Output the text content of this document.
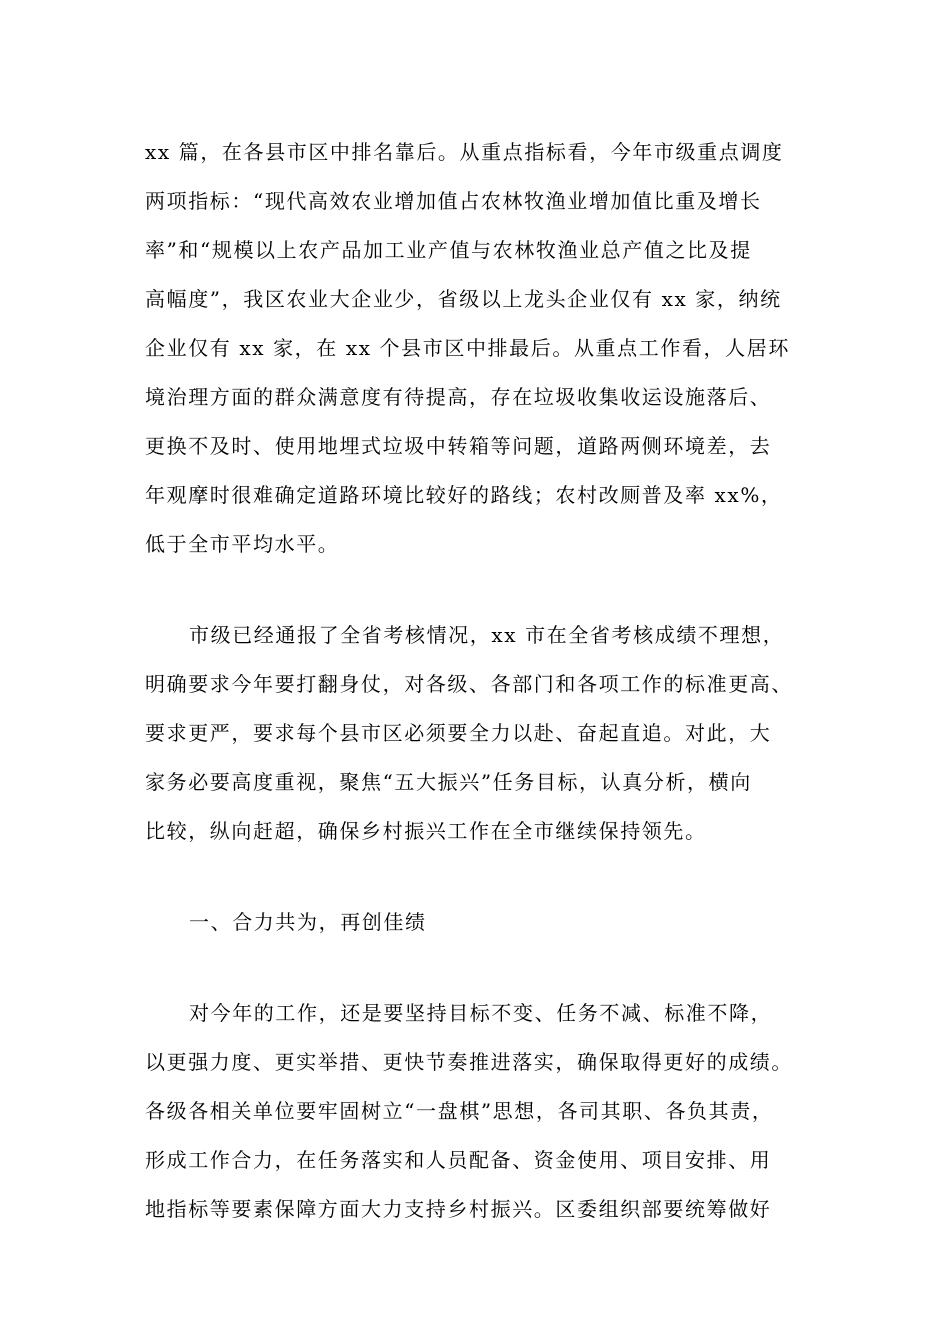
xx 篇，在各县市区中排名靠后。从重点指标看，今年市级重点调度
两项指标：“现代高效农业增加值占农林牧渔业增加值比重及增长
率”和“规模以上农产品加工业产值与农林牧渔业总产值之比及提
高幅度”，我区农业大企业少，省级以上龙头企业仅有 xx 家，纳统
企业仅有 xx 家，在 xx 个县市区中排最后。从重点工作看，人居环
境治理方面的群众满意度有待提高，存在垃圾收集收运设施落后、
更换不及时、使用地埋式垃圾中转箱等问题，道路两侧环境差，去
年观摩时很难确定道路环境比较好的路线；农村改厕普及率 xx%，
低于全市平均水平。
市级已经通报了全省考核情况，xx 市在全省考核成绩不理想，
明确要求今年要打翻身仗，对各级、各部门和各项工作的标准更高、
要求更严，要求每个县市区必须要全力以赴、奋起直追。对此，大
家务必要高度重视，聚焦“五大振兴”任务目标，认真分析，横向
比较，纵向赶超，确保乡村振兴工作在全市继续保持领先。
一、合力共为，再创佳绩
对今年的工作，还是要坚持目标不变、任务不减、标准不降，
以更强力度、更实举措、更快节奏推进落实，确保取得更好的成绩。
各级各相关单位要牢固树立“一盘棋”思想，各司其职、各负其责，
形成工作合力，在任务落实和人员配备、资金使用、项目安排、用
地指标等要素保障方面大力支持乡村振兴。区委组织部要统筹做好
